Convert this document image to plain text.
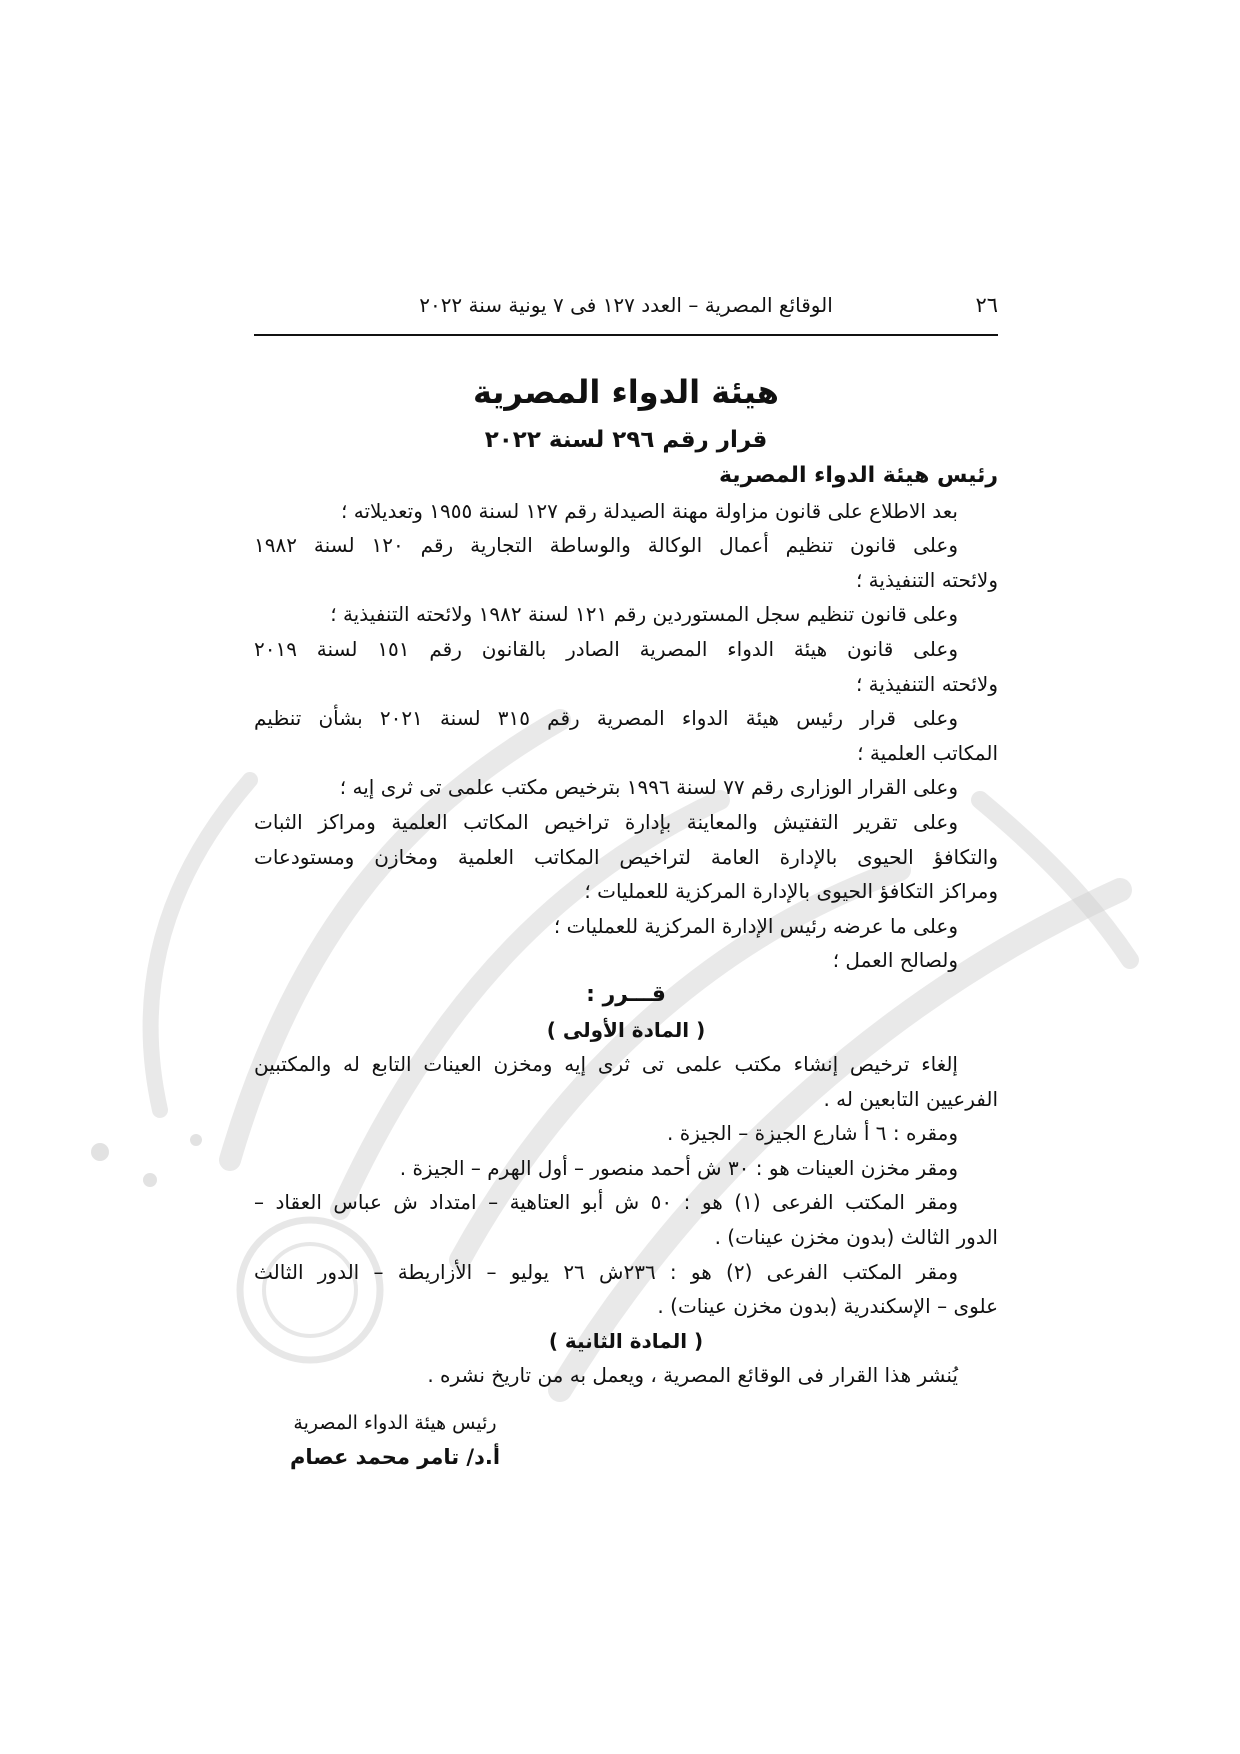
٢٦
الوقائع المصرية – العدد ١٢٧ فى ٧ يونية سنة ٢٠٢٢
هيئة الدواء المصرية
قرار رقم ٢٩٦ لسنة ٢٠٢٢
رئيس هيئة الدواء المصرية
بعد الاطلاع على قانون مزاولة مهنة الصيدلة رقم ١٢٧ لسنة ١٩٥٥ وتعديلاته ؛
وعلى قانون تنظيم أعمال الوكالة والوساطة التجارية رقم ١٢٠ لسنة ١٩٨٢
ولائحته التنفيذية ؛
وعلى قانون تنظيم سجل المستوردين رقم ١٢١ لسنة ١٩٨٢ ولائحته التنفيذية ؛
وعلى قانون هيئة الدواء المصرية الصادر بالقانون رقم ١٥١ لسنة ٢٠١٩
ولائحته التنفيذية ؛
وعلى قرار رئيس هيئة الدواء المصرية رقم ٣١٥ لسنة ٢٠٢١ بشأن تنظيم
المكاتب العلمية ؛
وعلى القرار الوزارى رقم ٧٧ لسنة ١٩٩٦ بترخيص مكتب علمى تى ثرى إيه ؛
وعلى تقرير التفتيش والمعاينة بإدارة تراخيص المكاتب العلمية ومراكز الثبات
والتكافؤ الحيوى بالإدارة العامة لتراخيص المكاتب العلمية ومخازن ومستودعات
ومراكز التكافؤ الحيوى بالإدارة المركزية للعمليات ؛
وعلى ما عرضه رئيس الإدارة المركزية للعمليات ؛
ولصالح العمل ؛
قـــرر :
( المادة الأولى )
إلغاء ترخيص إنشاء مكتب علمى تى ثرى إيه ومخزن العينات التابع له والمكتبين
الفرعيين التابعين له .
ومقره : ٦ أ شارع الجيزة – الجيزة .
ومقر مخزن العينات هو : ٣٠ ش أحمد منصور – أول الهرم – الجيزة .
ومقر المكتب الفرعى (١) هو : ٥٠ ش أبو العتاهية – امتداد ش عباس العقاد –
الدور الثالث (بدون مخزن عينات) .
ومقر المكتب الفرعى (٢) هو : ٢٣٦ش ٢٦ يوليو – الأزاريطة – الدور الثالث
علوى – الإسكندرية (بدون مخزن عينات) .
( المادة الثانية )
يُنشر هذا القرار فى الوقائع المصرية ، ويعمل به من تاريخ نشره .
رئيس هيئة الدواء المصرية
أ.د/ تامر محمد عصام
